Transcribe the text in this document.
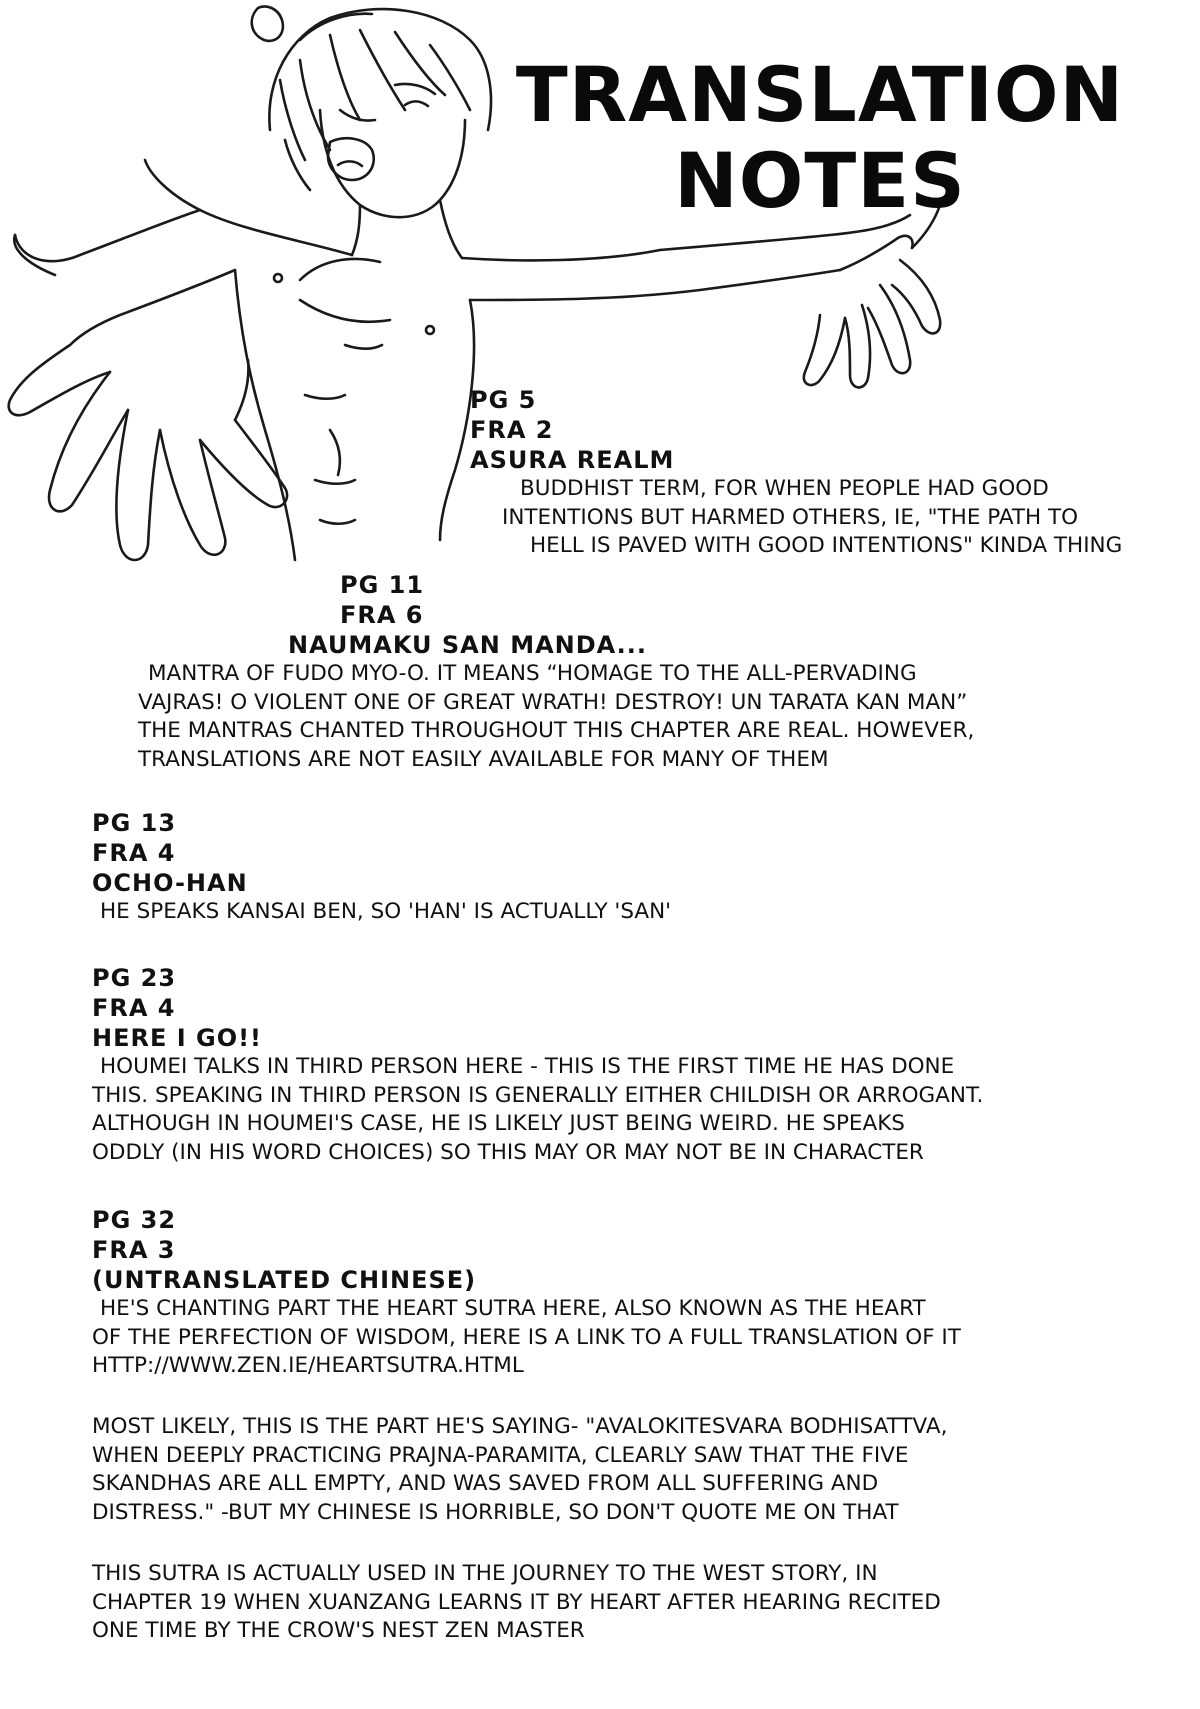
TRANSLATION
NOTES
PG 5
FRA 2
ASURA REALM
BUDDHIST TERM, FOR WHEN PEOPLE HAD GOOD
INTENTIONS BUT HARMED OTHERS, IE, "THE PATH TO
HELL IS PAVED WITH GOOD INTENTIONS" KINDA THING
PG 11
FRA 6
NAUMAKU SAN MANDA...
MANTRA OF FUDO MYO-O. IT MEANS “HOMAGE TO THE ALL-PERVADING
VAJRAS! O VIOLENT ONE OF GREAT WRATH! DESTROY! UN TARATA KAN MAN”
THE MANTRAS CHANTED THROUGHOUT THIS CHAPTER ARE REAL. HOWEVER,
TRANSLATIONS ARE NOT EASILY AVAILABLE FOR MANY OF THEM
PG 13
FRA 4
OCHO-HAN
HE SPEAKS KANSAI BEN, SO 'HAN' IS ACTUALLY 'SAN'
PG 23
FRA 4
HERE I GO!!
HOUMEI TALKS IN THIRD PERSON HERE - THIS IS THE FIRST TIME HE HAS DONE
THIS. SPEAKING IN THIRD PERSON IS GENERALLY EITHER CHILDISH OR ARROGANT.
ALTHOUGH IN HOUMEI'S CASE, HE IS LIKELY JUST BEING WEIRD. HE SPEAKS
ODDLY (IN HIS WORD CHOICES) SO THIS MAY OR MAY NOT BE IN CHARACTER
PG 32
FRA 3
(UNTRANSLATED CHINESE)
HE'S CHANTING PART THE HEART SUTRA HERE, ALSO KNOWN AS THE HEART
OF THE PERFECTION OF WISDOM, HERE IS A LINK TO A FULL TRANSLATION OF IT
HTTP://WWW.ZEN.IE/HEARTSUTRA.HTML
MOST LIKELY, THIS IS THE PART HE'S SAYING- "AVALOKITESVARA BODHISATTVA,
WHEN DEEPLY PRACTICING PRAJNA-PARAMITA, CLEARLY SAW THAT THE FIVE
SKANDHAS ARE ALL EMPTY, AND WAS SAVED FROM ALL SUFFERING AND
DISTRESS." -BUT MY CHINESE IS HORRIBLE, SO DON'T QUOTE ME ON THAT
THIS SUTRA IS ACTUALLY USED IN THE JOURNEY TO THE WEST STORY, IN
CHAPTER 19 WHEN XUANZANG LEARNS IT BY HEART AFTER HEARING RECITED
ONE TIME BY THE CROW'S NEST ZEN MASTER
